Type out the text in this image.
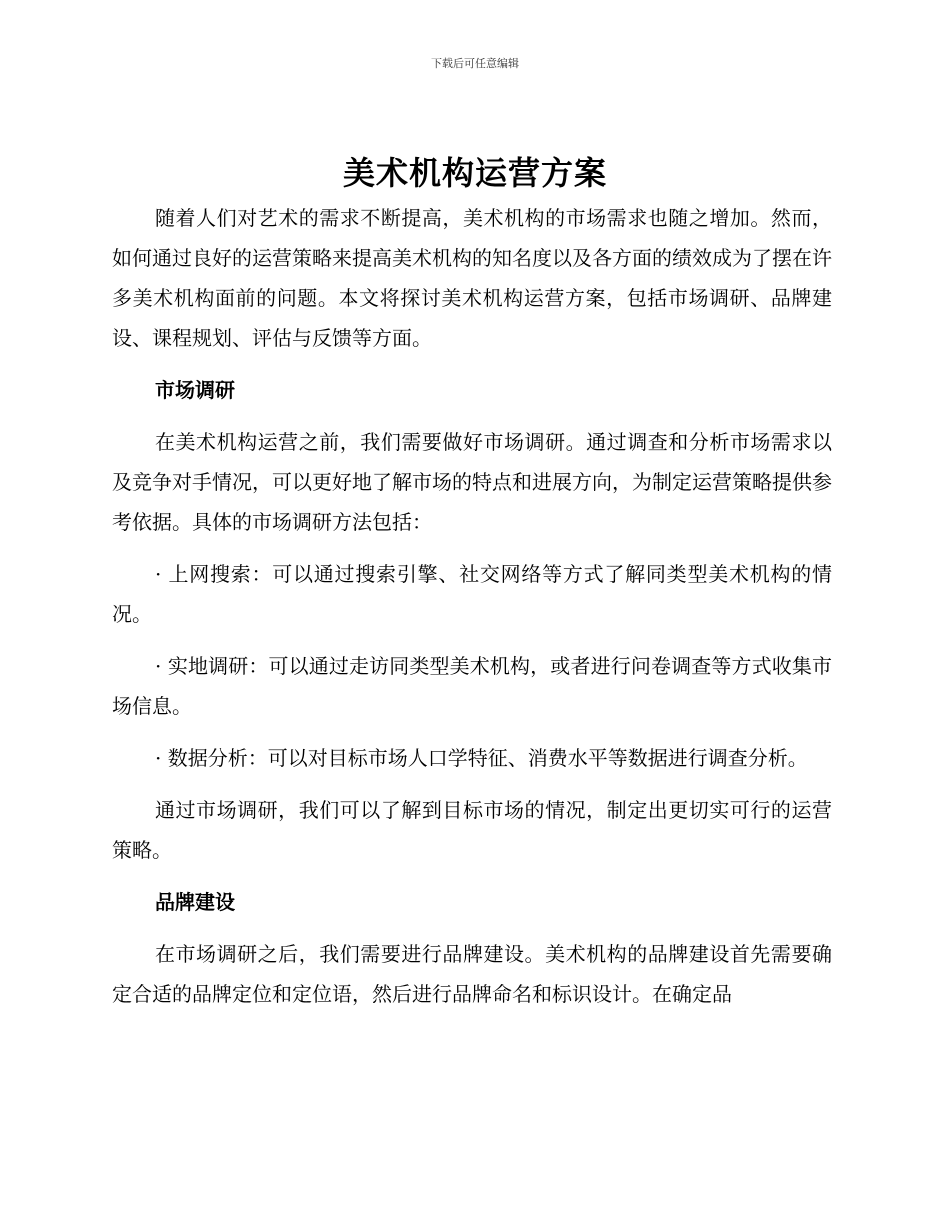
下载后可任意编辑
美术机构运营方案

随着人们对艺术的需求不断提高，美术机构的市场需求也随之增加。然而，如何通过良好的运营策略来提高美术机构的知名度以及各方面的绩效成为了摆在许多美术机构面前的问题。本文将探讨美术机构运营方案，包括市场调研、品牌建设、课程规划、评估与反馈等方面。

市场调研

在美术机构运营之前，我们需要做好市场调研。通过调查和分析市场需求以及竞争对手情况，可以更好地了解市场的特点和进展方向，为制定运营策略提供参考依据。具体的市场调研方法包括：

· 上网搜索：可以通过搜索引擎、社交网络等方式了解同类型美术机构的情况。

· 实地调研：可以通过走访同类型美术机构，或者进行问卷调查等方式收集市场信息。

· 数据分析：可以对目标市场人口学特征、消费水平等数据进行调查分析。

通过市场调研，我们可以了解到目标市场的情况，制定出更切实可行的运营策略。

品牌建设

在市场调研之后，我们需要进行品牌建设。美术机构的品牌建设首先需要确定合适的品牌定位和定位语，然后进行品牌命名和标识设计。在确定品
